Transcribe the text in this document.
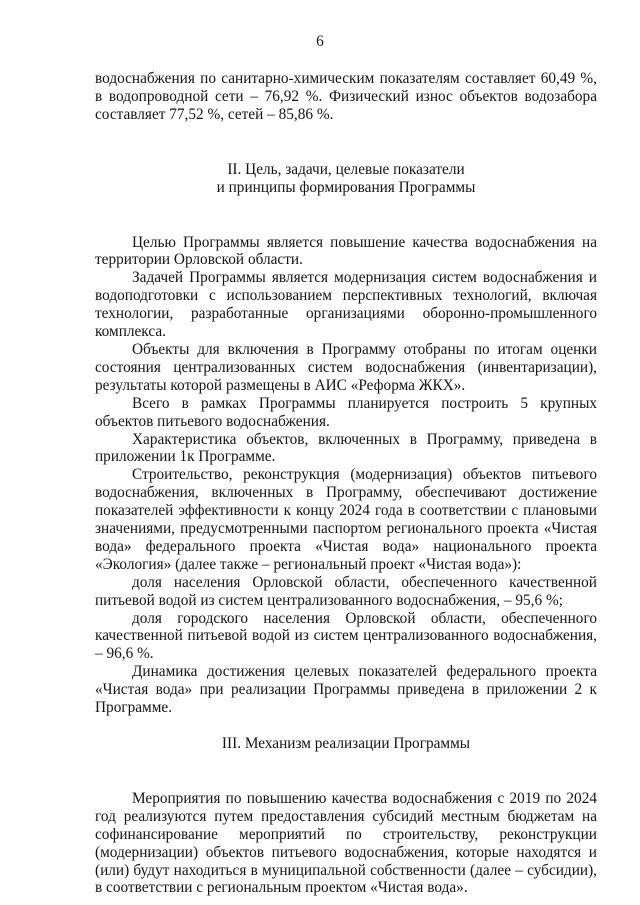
6

водоснабжения по санитарно-химическим показателям составляет 60,49 %, в водопроводной сети – 76,92 %. Физический износ объектов водозабора составляет 77,52 %, сетей – 85,86 %.

II. Цель, задачи, целевые показатели
и принципы формирования Программы

Целью Программы является повышение качества водоснабжения на территории Орловской области.

Задачей Программы является модернизация систем водоснабжения и водоподготовки с использованием перспективных технологий, включая технологии, разработанные организациями оборонно-промышленного комплекса.

Объекты для включения в Программу отобраны по итогам оценки состояния централизованных систем водоснабжения (инвентаризации), результаты которой размещены в АИС «Реформа ЖКХ».

Всего в рамках Программы планируется построить 5 крупных объектов питьевого водоснабжения.

Характеристика объектов, включенных в Программу, приведена в приложении 1к Программе.

Строительство, реконструкция (модернизация) объектов питьевого водоснабжения, включенных в Программу, обеспечивают достижение показателей эффективности к концу 2024 года в соответствии с плановыми значениями, предусмотренными паспортом регионального проекта «Чистая вода» федерального проекта «Чистая вода» национального проекта «Экология» (далее также – региональный проект «Чистая вода»):

доля населения Орловской области, обеспеченного качественной питьевой водой из систем централизованного водоснабжения, – 95,6 %;

доля городского населения Орловской области, обеспеченного качественной питьевой водой из систем централизованного водоснабжения, – 96,6 %.

Динамика достижения целевых показателей федерального проекта «Чистая вода» при реализации Программы приведена в приложении 2 к Программе.

III. Механизм реализации Программы

Мероприятия по повышению качества водоснабжения с 2019 по 2024 год реализуются путем предоставления субсидий местным бюджетам на софинансирование мероприятий по строительству, реконструкции (модернизации) объектов питьевого водоснабжения, которые находятся и (или) будут находиться в муниципальной собственности (далее – субсидии), в соответствии с региональным проектом «Чистая вода».
